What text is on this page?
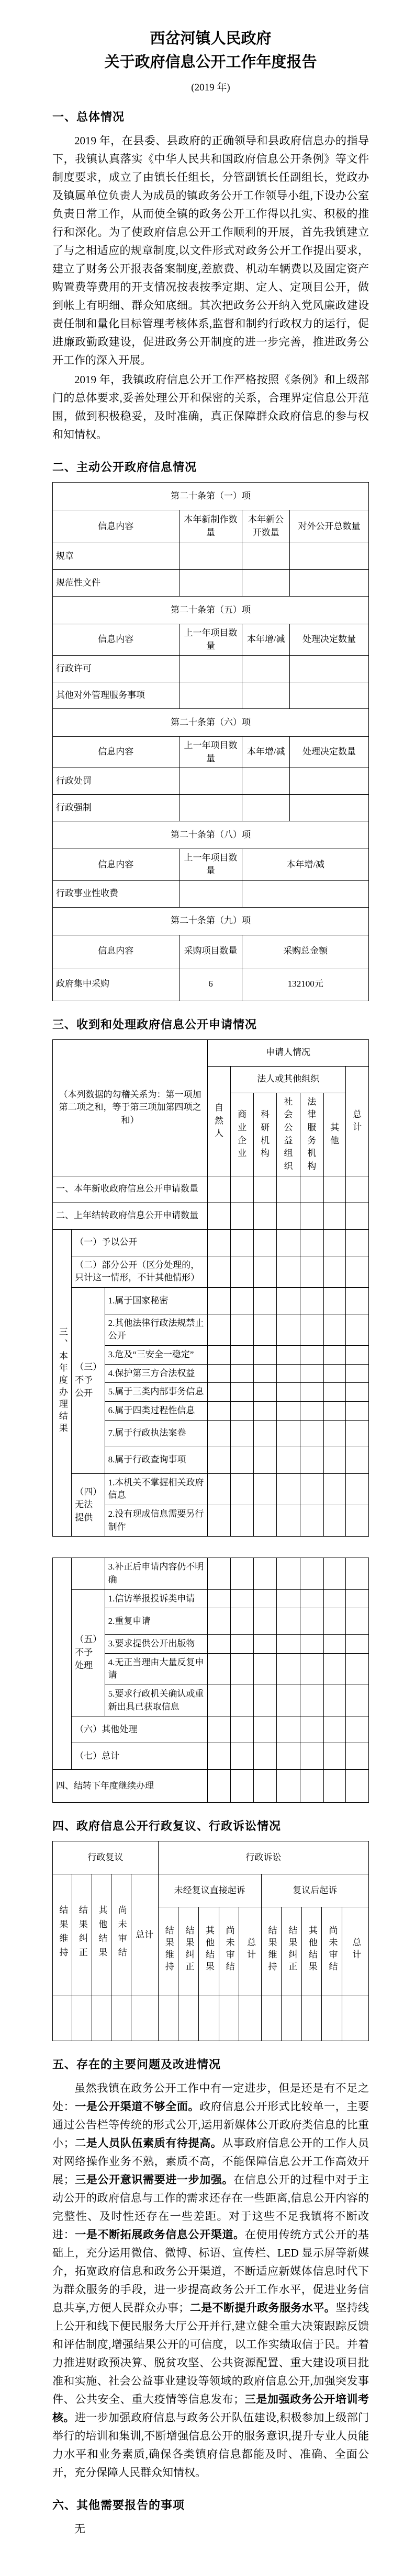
西岔河镇人民政府
关于政府信息公开工作年度报告
(2019 年)
一、总体情况

2019 年，在县委、县政府的正确领导和县政府信息办的指导下，我镇认真落实《中华人民共和国政府信息公开条例》等文件制度要求，成立了由镇长任组长，分管副镇长任副组长，党政办及镇属单位负责人为成员的镇政务公开工作领导小组,下设办公室负责日常工作，从而使全镇的政务公开工作得以扎实、积极的推行和深化。为了使政府信息公开工作顺利的开展，首先我镇建立了与之相适应的规章制度,以文件形式对政务公开工作提出要求，建立了财务公开报表备案制度,差旅费、机动车辆费以及固定资产购置费等费用的开支情况按表按季定期、定人、定项目公开，做到帐上有明细、群众知底细。其次把政务公开纳入党风廉政建设责任制和量化目标管理考核体系,监督和制约行政权力的运行，促进廉政勤政建设，促进政务公开制度的进一步完善，推进政务公开工作的深入开展。

2019 年，我镇政府信息公开工作严格按照《条例》和上级部门的总体要求,妥善处理公开和保密的关系，合理界定信息公开范围，做到积极稳妥，及时准确，真正保障群众政府信息的参与权和知情权。

二、主动公开政府信息情况
第二十条第（一）项			
信息内容	本年新制作数量	本年新公开数量	对外公开总数量
规章			
规范性文件			
第二十条第（五）项			
信息内容	上一年项目数量	本年增/减	处理决定数量
行政许可			
其他对外管理服务事项			
第二十条第（六）项			
信息内容	上一年项目数量	本年增/减	处理决定数量
行政处罚			
行政强制			
第二十条第（八）项			
信息内容	上一年项目数量	本年增/减	
行政事业性收费			
第二十条第（九）项			
信息内容	采购项目数量	采购总金额	
政府集中采购	6	132100元	
三、收到和处理政府信息公开申请情况
（本列数据的勾稽关系为：第一项加第二项之和，等于第三项加第四项之和）			申请人情况						
			自然人	法人或其他组织					总计
				商业企业	科研机构	社会公益组织	法律服务机构	其他	
一、本年新收政府信息公开申请数量									
二、上年结转政府信息公开申请数量									
三、本年度办理结果	（一）予以公开								
	（二）部分公开（区分处理的，只计这一情形，不计其他情形）								
	（三）不予公开	1.属于国家秘密							
		2.其他法律行政法规禁止公开							
		3.危及“三安全一稳定”							
		4.保护第三方合法权益							
		5.属于三类内部事务信息							
		6.属于四类过程性信息							
		7.属于行政执法案卷							
		8.属于行政查询事项							
	（四）无法提供	1.本机关不掌握相关政府信息							
		2.没有现成信息需要另行制作							
		3.补正后申请内容仍不明确							
	（五）不予处理	1.信访举报投诉类申请							
		2.重复申请							
		3.要求提供公开出版物							
		4.无正当理由大量反复申请							
		5.要求行政机关确认或重新出具已获取信息							
	（六）其他处理								
	（七）总计								
四、结转下年度继续办理									
四、政府信息公开行政复议、行政诉讼情况
行政复议					行政诉讼									
结果维持	结果纠正	其他结果	尚未审结	总计	未经复议直接起诉					复议后起诉				
					结果维持	结果纠正	其他结果	尚未审结	总计	结果维持	结果纠正	其他结果	尚未审结	总计

五、存在的主要问题及改进情况

虽然我镇在政务公开工作中有一定进步，但是还是有不足之处：一是公开渠道不够全面。政府信息公开形式比较单一，主要通过公告栏等传统的形式公开,运用新媒体公开政府类信息的比重小；二是人员队伍素质有待提高。从事政府信息公开的工作人员对网络操作业务不熟，素质不高，不能保障信息公开工作高效开展；三是公开意识需要进一步加强。在信息公开的过程中对于主动公开的政府信息与工作的需求还存在一些距离,信息公开内容的完整性、及时性还存在一些差距。对于这些不足我镇将不断改进：一是不断拓展政务信息公开渠道。在使用传统方式公开的基础上，充分运用微信、微博、标语、宣传栏、LED 显示屏等新媒介，拓宽政府信息和政务公开渠道，不断适应新媒体信息时代下为群众服务的手段，进一步提高政务公开工作水平，促进业务信息共享,方便人民群众办事；二是不断提升政务服务水平。坚持线上公开和线下便民服务大厅公开并行,建立健全重大决策跟踪反馈和评估制度,增强结果公开的可信度，以工作实绩取信于民。并着力推进财政预决算、脱贫攻坚、公共资源配置、重大建设项目批准和实施、社会公益事业建设等领域的政府信息公开,加强突发事件、公共安全、重大疫情等信息发布；三是加强政务公开培训考核。进一步加强政府信息与政务公开队伍建设,积极参加上级部门举行的培训和集训,不断增强信息公开的服务意识,提升专业人员能力水平和业务素质,确保各类镇府信息都能及时、准确、全面公开，充分保障人民群众知情权。

六、其他需要报告的事项

无
